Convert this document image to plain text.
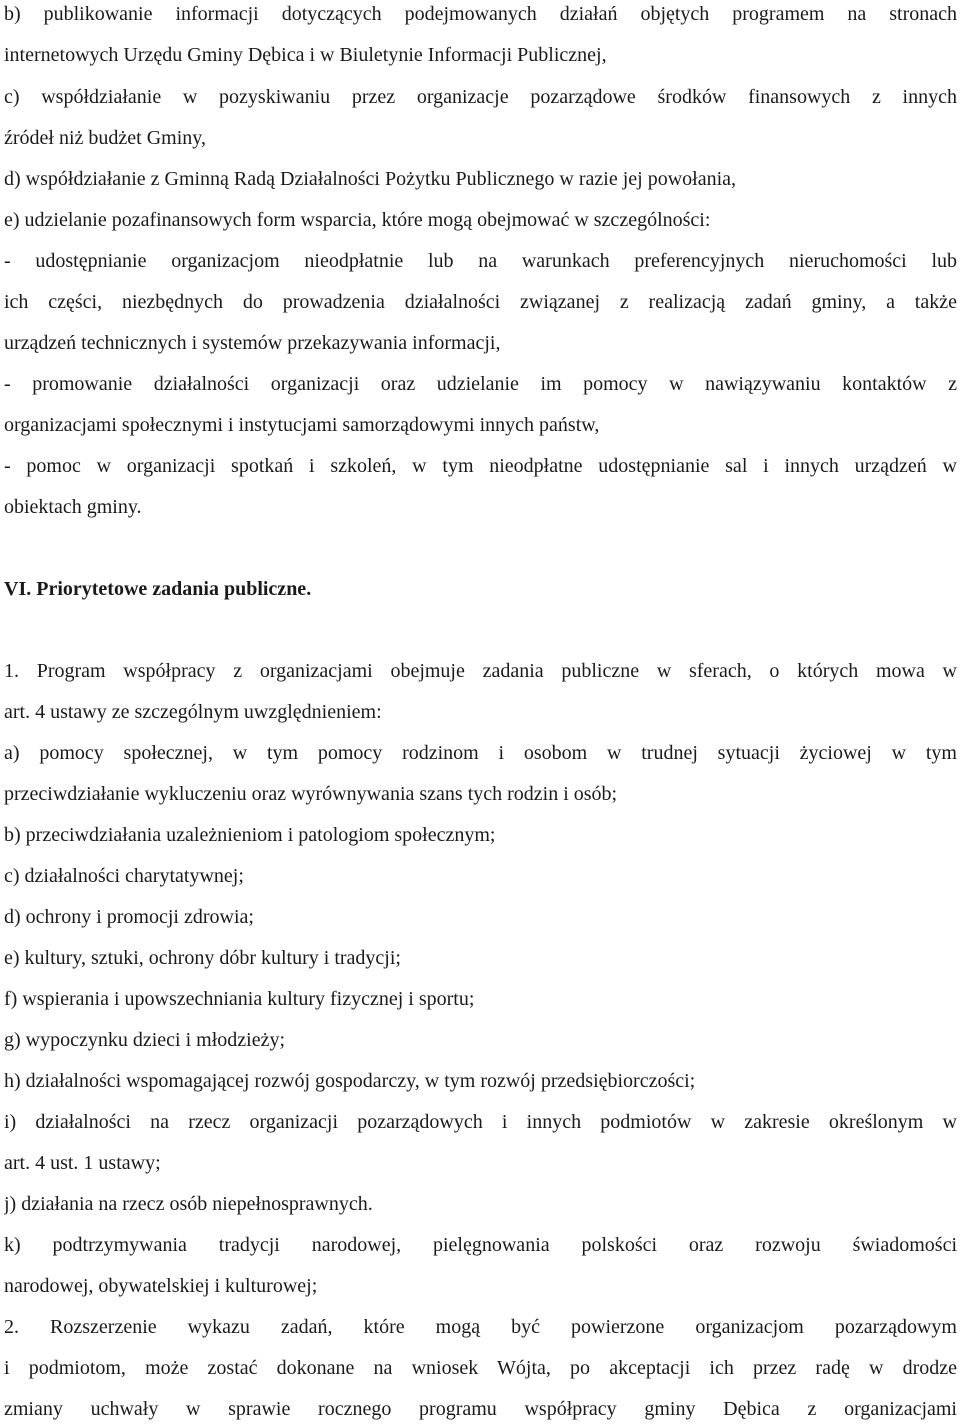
b) publikowanie informacji dotyczących podejmowanych działań objętych programem na stronach
internetowych Urzędu Gminy Dębica i w Biuletynie Informacji Publicznej,
c) współdziałanie w pozyskiwaniu przez organizacje pozarządowe środków finansowych z innych
źródeł niż budżet Gminy,
d) współdziałanie z Gminną Radą Działalności Pożytku Publicznego w razie jej powołania,
e) udzielanie pozafinansowych form wsparcia, które mogą obejmować w szczególności:
- udostępnianie organizacjom nieodpłatnie lub na warunkach preferencyjnych nieruchomości lub
ich części, niezbędnych do prowadzenia działalności związanej z realizacją zadań gminy, a także
urządzeń technicznych i systemów przekazywania informacji,
- promowanie działalności organizacji oraz udzielanie im pomocy w nawiązywaniu kontaktów z
organizacjami społecznymi i instytucjami samorządowymi innych państw,
- pomoc w organizacji spotkań i szkoleń, w tym nieodpłatne udostępnianie sal i innych urządzeń w
obiektach gminy.
VI. Priorytetowe zadania publiczne.
1. Program współpracy z organizacjami obejmuje zadania publiczne w sferach, o których mowa w
art. 4 ustawy ze szczególnym uwzględnieniem:
a) pomocy społecznej, w tym pomocy rodzinom i osobom w trudnej sytuacji życiowej w tym
przeciwdziałanie wykluczeniu oraz wyrównywania szans tych rodzin i osób;
b) przeciwdziałania uzależnieniom i patologiom społecznym;
c) działalności charytatywnej;
d) ochrony i promocji zdrowia;
e) kultury, sztuki, ochrony dóbr kultury i tradycji;
f) wspierania i upowszechniania kultury fizycznej i sportu;
g) wypoczynku dzieci i młodzieży;
h) działalności wspomagającej rozwój gospodarczy, w tym rozwój przedsiębiorczości;
i) działalności na rzecz organizacji pozarządowych i innych podmiotów w zakresie określonym w
art. 4 ust. 1 ustawy;
j) działania na rzecz osób niepełnosprawnych.
k) podtrzymywania tradycji narodowej, pielęgnowania polskości oraz rozwoju świadomości
narodowej, obywatelskiej i kulturowej;
2. Rozszerzenie wykazu zadań, które mogą być powierzone organizacjom pozarządowym
i podmiotom, może zostać dokonane na wniosek Wójta, po akceptacji ich przez radę w drodze
zmiany uchwały w sprawie rocznego programu współpracy gminy Dębica z organizacjami
